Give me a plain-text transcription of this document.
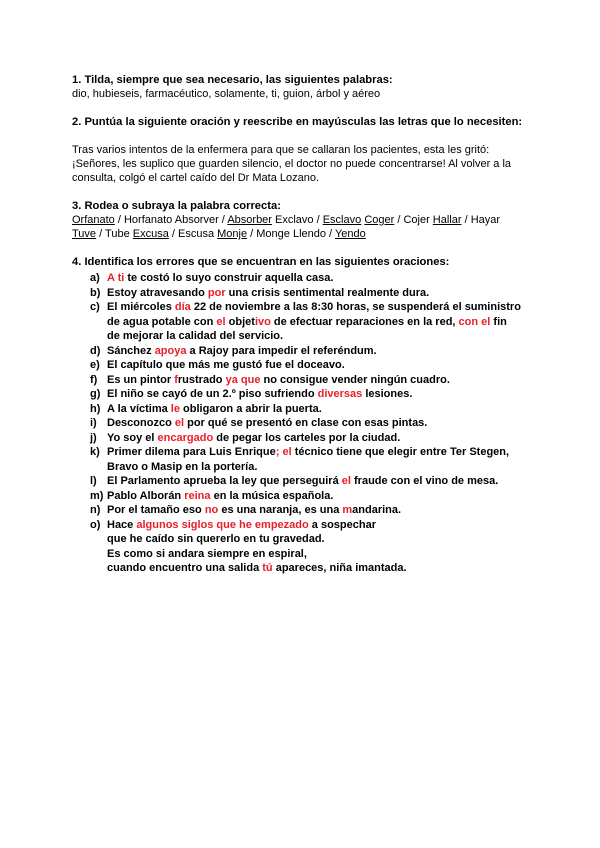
1. Tilda, siempre que sea necesario, las siguientes palabras:
dio, hubieseis, farmacéutico, solamente, ti, guion, árbol y aéreo
2. Puntúa la siguiente oración y reescribe en mayúsculas las letras que lo necesiten:
Tras varios intentos de la enfermera para que se callaran los pacientes, esta les gritó:
¡Señores, les suplico que guarden silencio, el doctor no puede concentrarse! Al volver a la
consulta, colgó el cartel caído del Dr Mata Lozano.
3. Rodea o subraya la palabra correcta:
Orfanato / Horfanato Absorver / Absorber Exclavo / Esclavo Coger / Cojer Hallar / Hayar
Tuve / Tube Excusa / Escusa Monje / Monge Llendo / Yendo
4. Identifica los errores que se encuentran en las siguientes oraciones:
a) A ti te costó lo suyo construir aquella casa.
b) Estoy atravesando por una crisis sentimental realmente dura.
c) El miércoles día 22 de noviembre a las 8:30 horas, se suspenderá el suministro
de agua potable con el objetivo de efectuar reparaciones en la red, con el fin
de mejorar la calidad del servicio.
d) Sánchez apoya a Rajoy para impedir el referéndum.
e) El capítulo que más me gustó fue el doceavo.
f) Es un pintor frustrado ya que no consigue vender ningún cuadro.
g) El niño se cayó de un 2.º piso sufriendo diversas lesiones.
h) A la víctima le obligaron a abrir la puerta.
i) Desconozco el por qué se presentó en clase con esas pintas.
j) Yo soy el encargado de pegar los carteles por la ciudad.
k) Primer dilema para Luis Enrique; el técnico tiene que elegir entre Ter Stegen,
Bravo o Masip en la portería.
l) El Parlamento aprueba la ley que perseguirá el fraude con el vino de mesa.
m) Pablo Alborán reina en la música española.
n) Por el tamaño eso no es una naranja, es una mandarina.
o) Hace algunos siglos que he empezado a sospechar
que he caído sin quererlo en tu gravedad.
Es como si andara siempre en espiral,
cuando encuentro una salida tú apareces, niña imantada.
